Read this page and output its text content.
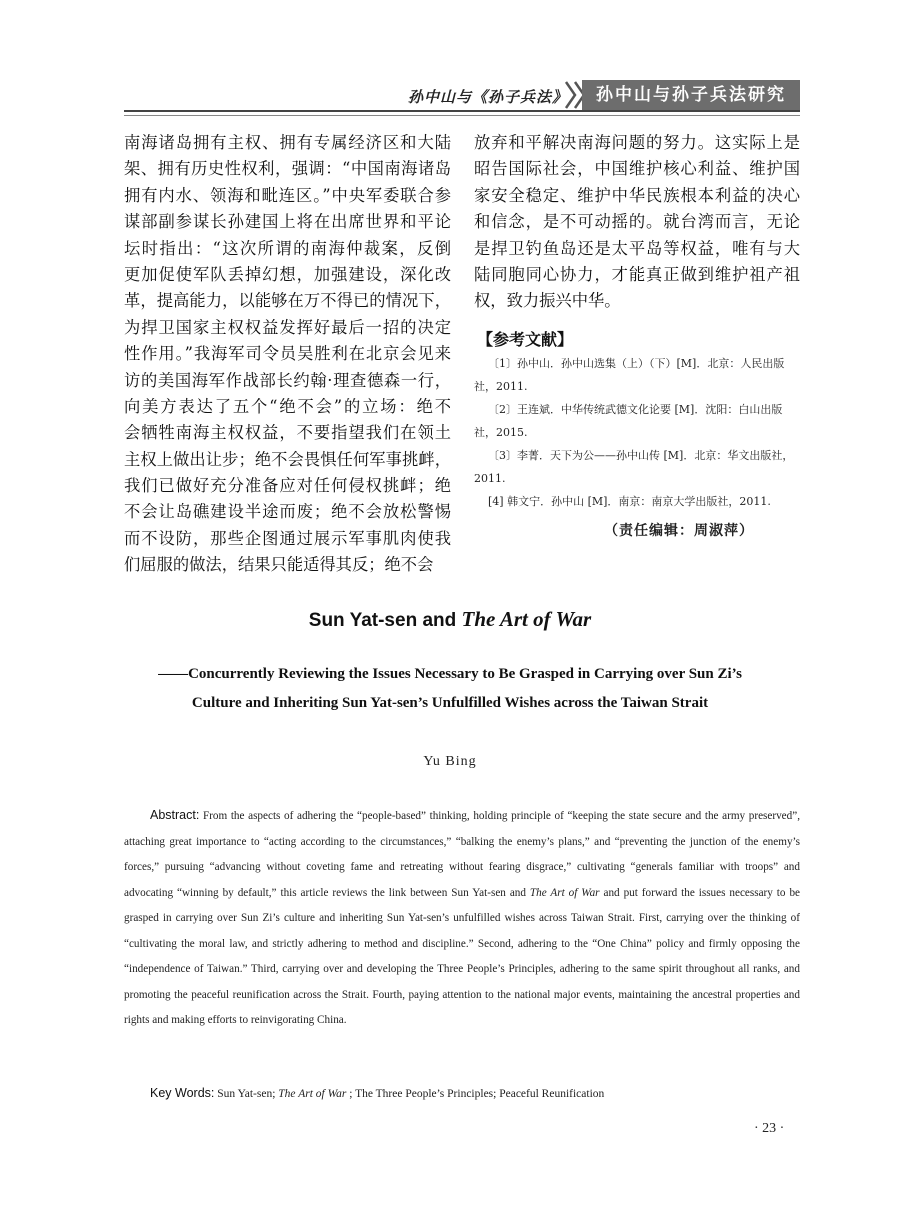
孙中山与《孙子兵法》	孙中山与孙子兵法研究
南海诸岛拥有主权、拥有专属经济区和大陆
架、拥有历史性权利，强调：“中国南海诸岛
拥有内水、领海和毗连区。”中央军委联合参
谋部副参谋长孙建国上将在出席世界和平论
坛时指出：“这次所谓的南海仲裁案，反倒
更加促使军队丢掉幻想，加强建设，深化改
革，提高能力，以能够在万不得已的情况下，
为捍卫国家主权权益发挥好最后一招的决定
性作用。”我海军司令员吴胜利在北京会见来
访的美国海军作战部长约翰·理查德森一行，
向美方表达了五个“绝不会”的立场：绝不
会牺牲南海主权权益，不要指望我们在领土
主权上做出让步；绝不会畏惧任何军事挑衅，
我们已做好充分准备应对任何侵权挑衅；绝
不会让岛礁建设半途而废；绝不会放松警惕
而不设防，那些企图通过展示军事肌肉使我
们屈服的做法，结果只能适得其反；绝不会
放弃和平解决南海问题的努力。这实际上是
昭告国际社会，中国维护核心利益、维护国
家安全稳定、维护中华民族根本利益的决心
和信念，是不可动摇的。就台湾而言，无论
是捍卫钓鱼岛还是太平岛等权益，唯有与大
陆同胞同心协力，才能真正做到维护祖产祖
权，致力振兴中华。
【参考文献】

〔1〕孙中山．孙中山选集（上）（下）[M]．北京：人民出版社，2011.

〔2〕王连斌．中华传统武德文化论要 [M]．沈阳：白山出版社，2015.

〔3〕李菁．天下为公——孙中山传 [M]．北京：华文出版社，2011.

[4] 韩文宁．孙中山 [M]．南京：南京大学出版社，2011.

（责任编辑：周淑萍）
Sun Yat-sen and The Art of War
——Concurrently Reviewing the Issues Necessary to Be Grasped in Carrying over Sun Zi’s
Culture and Inheriting Sun Yat-sen’s Unfulfilled Wishes across the Taiwan Strait
Yu Bing
Abstract: From the aspects of adhering the “people-based” thinking, holding principle of “keeping the state secure and the army preserved”, attaching great importance to “acting according to the circumstances,” “balking the enemy’s plans,” and “preventing the junction of the enemy’s forces,” pursuing “advancing without coveting fame and retreating without fearing disgrace,” cultivating “generals familiar with troops” and advocating “winning by default,” this article reviews the link between Sun Yat-sen and The Art of War and put forward the issues necessary to be grasped in carrying over Sun Zi’s culture and inheriting Sun Yat-sen’s unfulfilled wishes across Taiwan Strait. First, carrying over the thinking of “cultivating the moral law, and strictly adhering to method and discipline.” Second, adhering to the “One China” policy and firmly opposing the “independence of Taiwan.” Third, carrying over and developing the Three People’s Principles, adhering to the same spirit throughout all ranks, and promoting the peaceful reunification across the Strait. Fourth, paying attention to the national major events, maintaining the ancestral properties and rights and making efforts to reinvigorating China.
Key Words: Sun Yat-sen; The Art of War ; The Three People’s Principles; Peaceful Reunification
· 23 ·
